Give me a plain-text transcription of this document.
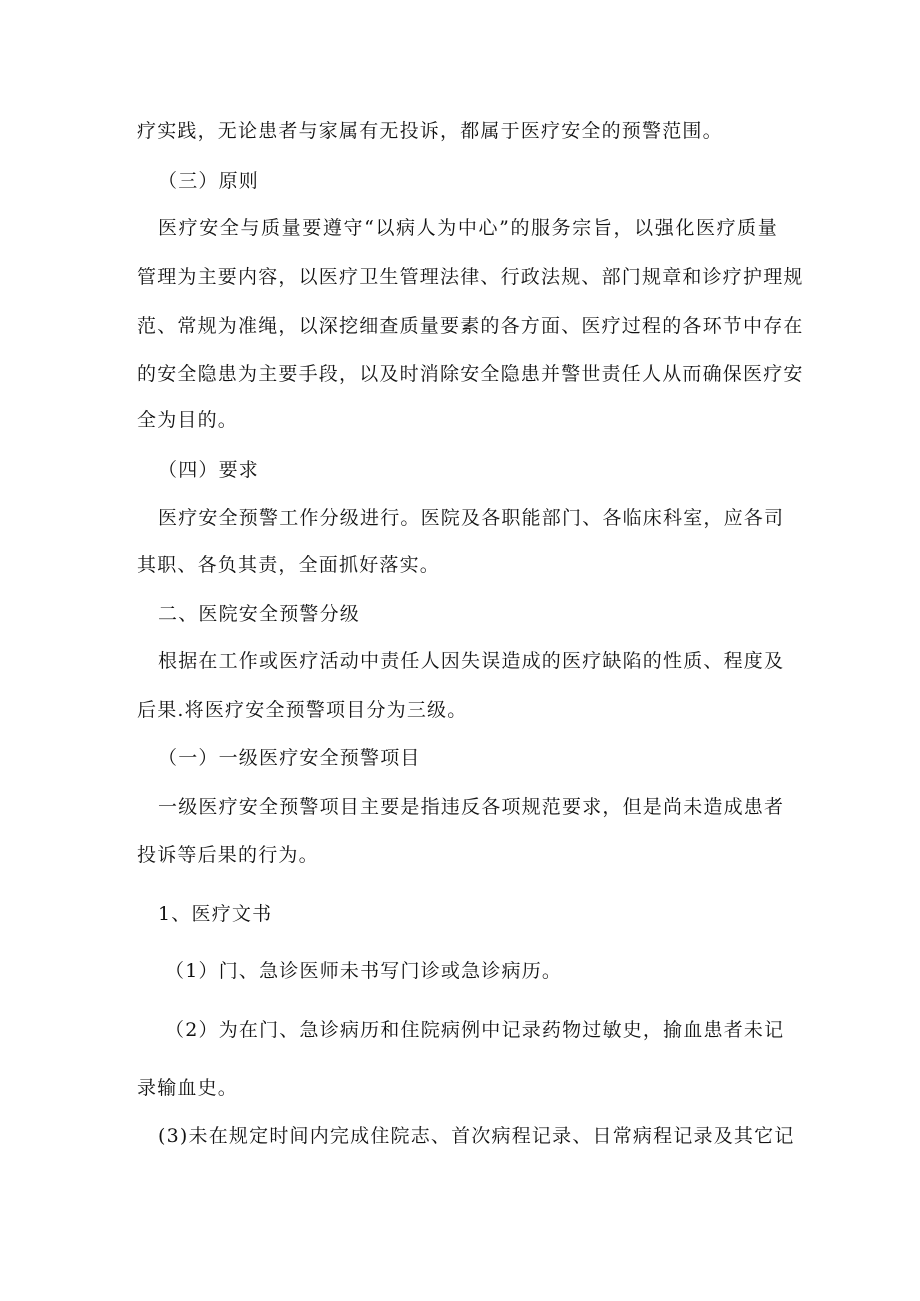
疗实践，无论患者与家属有无投诉，都属于医疗安全的预警范围。
（三）原则
医疗安全与质量要遵守“以病人为中心”的服务宗旨，以强化医疗质量
管理为主要内容，以医疗卫生管理法律、行政法规、部门规章和诊疗护理规
范、常规为准绳，以深挖细查质量要素的各方面、医疗过程的各环节中存在
的安全隐患为主要手段，以及时消除安全隐患并警世责任人从而确保医疗安
全为目的。
（四）要求
医疗安全预警工作分级进行。医院及各职能部门、各临床科室，应各司
其职、各负其责，全面抓好落实。
二、医院安全预警分级
根据在工作或医疗活动中责任人因失误造成的医疗缺陷的性质、程度及
后果.将医疗安全预警项目分为三级。
（一）一级医疗安全预警项目
一级医疗安全预警项目主要是指违反各项规范要求，但是尚未造成患者
投诉等后果的行为。
1、医疗文书
（1）门、急诊医师未书写门诊或急诊病历。
（2）为在门、急诊病历和住院病例中记录药物过敏史，揄血患者未记
录输血史。
(3)未在规定时间内完成住院志、首次病程记录、日常病程记录及其它记
